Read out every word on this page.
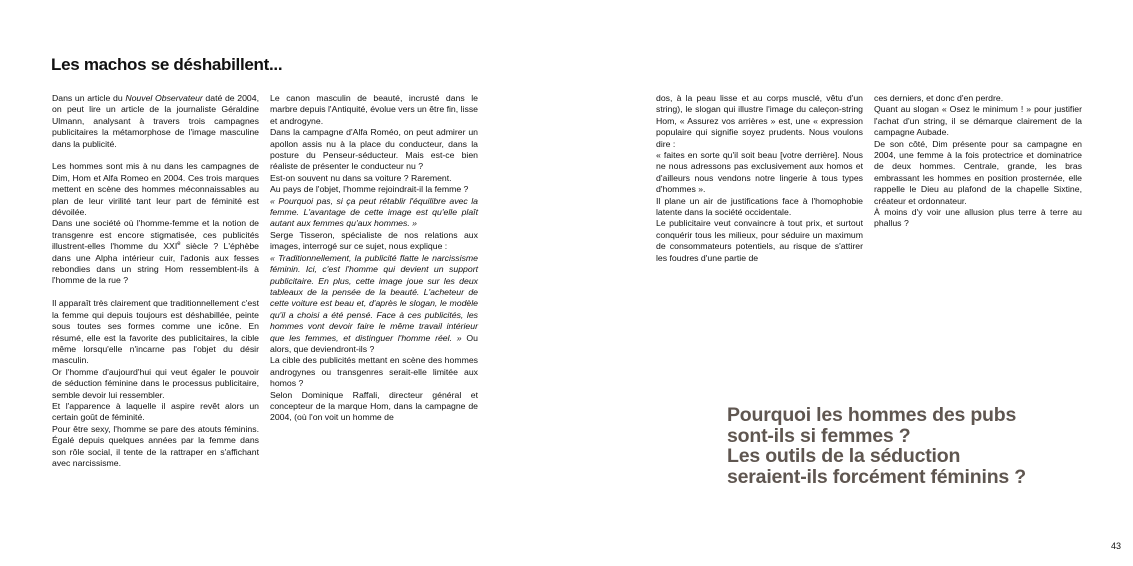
Les machos se déshabillent...

Dans un article du Nouvel Observateur daté de 2004, on peut lire un article de la journaliste Géraldine Ulmann, analysant à travers trois campagnes publicitaires la métamorphose de l'image masculine dans la publicité.

Les hommes sont mis à nu dans les campagnes de Dim, Hom et Alfa Romeo en 2004. Ces trois marques mettent en scène des hommes méconnaissables au plan de leur virilité tant leur part de féminité est dévoilée.

Dans une société où l'homme-femme et la notion de transgenre est encore stigmatisée, ces publicités illustrent-elles l'homme du XXIe siècle ? L'éphèbe dans une Alpha intérieur cuir, l'adonis aux fesses rebondies dans un string Hom ressemblent-ils à l'homme de la rue ?

Il apparaît très clairement que traditionnellement c'est la femme qui depuis toujours est déshabillée, peinte sous toutes ses formes comme une icône. En résumé, elle est la favorite des publicitaires, la cible même lorsqu'elle n'incarne pas l'objet du désir masculin.

Or l'homme d'aujourd'hui qui veut égaler le pouvoir de séduction féminine dans le processus publicitaire, semble devoir lui ressembler.

Et l'apparence à laquelle il aspire revêt alors un certain goût de féminité.

Pour être sexy, l'homme se pare des atouts féminins. Égalé depuis quelques années par la femme dans son rôle social, il tente de la rattraper en s'affichant avec narcissisme.

Le canon masculin de beauté, incrusté dans le marbre depuis l'Antiquité, évolue vers un être fin, lisse et androgyne.

Dans la campagne d'Alfa Roméo, on peut admirer un apollon assis nu à la place du conducteur, dans la posture du Penseur-séducteur. Mais est-ce bien réaliste de présenter le conducteur nu ?

Est-on souvent nu dans sa voiture ? Rarement.

Au pays de l'objet, l'homme rejoindrait-il la femme ?

« Pourquoi pas, si ça peut rétablir l'équilibre avec la femme. L'avantage de cette image est qu'elle plaît autant aux femmes qu'aux hommes. »

Serge Tisseron, spécialiste de nos relations aux images, interrogé sur ce sujet, nous explique :

« Traditionnellement, la publicité flatte le narcissisme féminin. Ici, c'est l'homme qui devient un support publicitaire. En plus, cette image joue sur les deux tableaux de la pensée de la beauté. L'acheteur de cette voiture est beau et, d'après le slogan, le modèle qu'il a choisi a été pensé. Face à ces publicités, les hommes vont devoir faire le même travail intérieur que les femmes, et distinguer l'homme réel. » Ou alors, que deviendront-ils ?

La cible des publicités mettant en scène des hommes androgynes ou transgenres serait-elle limitée aux homos ?

Selon Dominique Raffali, directeur général et concepteur de la marque Hom, dans la campagne de 2004, (où l'on voit un homme de

dos, à la peau lisse et au corps musclé, vêtu d'un string), le slogan qui illustre l'image du caleçon-string Hom, « Assurez vos arrières » est, une « expression populaire qui signifie soyez prudents. Nous voulons dire :

« faites en sorte qu'il soit beau [votre derrière]. Nous ne nous adressons pas exclusivement aux homos et d'ailleurs nous vendons notre lingerie à tous types d'hommes ».

Il plane un air de justifications face à l'homophobie latente dans la société occidentale.

Le publicitaire veut convaincre à tout prix, et surtout conquérir tous les milieux, pour séduire un maximum de consommateurs potentiels, au risque de s'attirer les foudres d'une partie de

ces derniers, et donc d'en perdre.

Quant au slogan « Osez le minimum ! » pour justifier l'achat d'un string, il se démarque clairement de la campagne Aubade.

De son côté, Dim présente pour sa campagne en 2004, une femme à la fois protectrice et dominatrice de deux hommes. Centrale, grande, les bras embrassant les hommes en position prosternée, elle rappelle le Dieu au plafond de la chapelle Sixtine, créateur et ordonnateur.

À moins d'y voir une allusion plus terre à terre au phallus ?

Pourquoi les hommes des pubs
sont-ils si femmes ?
Les outils de la séduction
seraient-ils forcément féminins ?
43
